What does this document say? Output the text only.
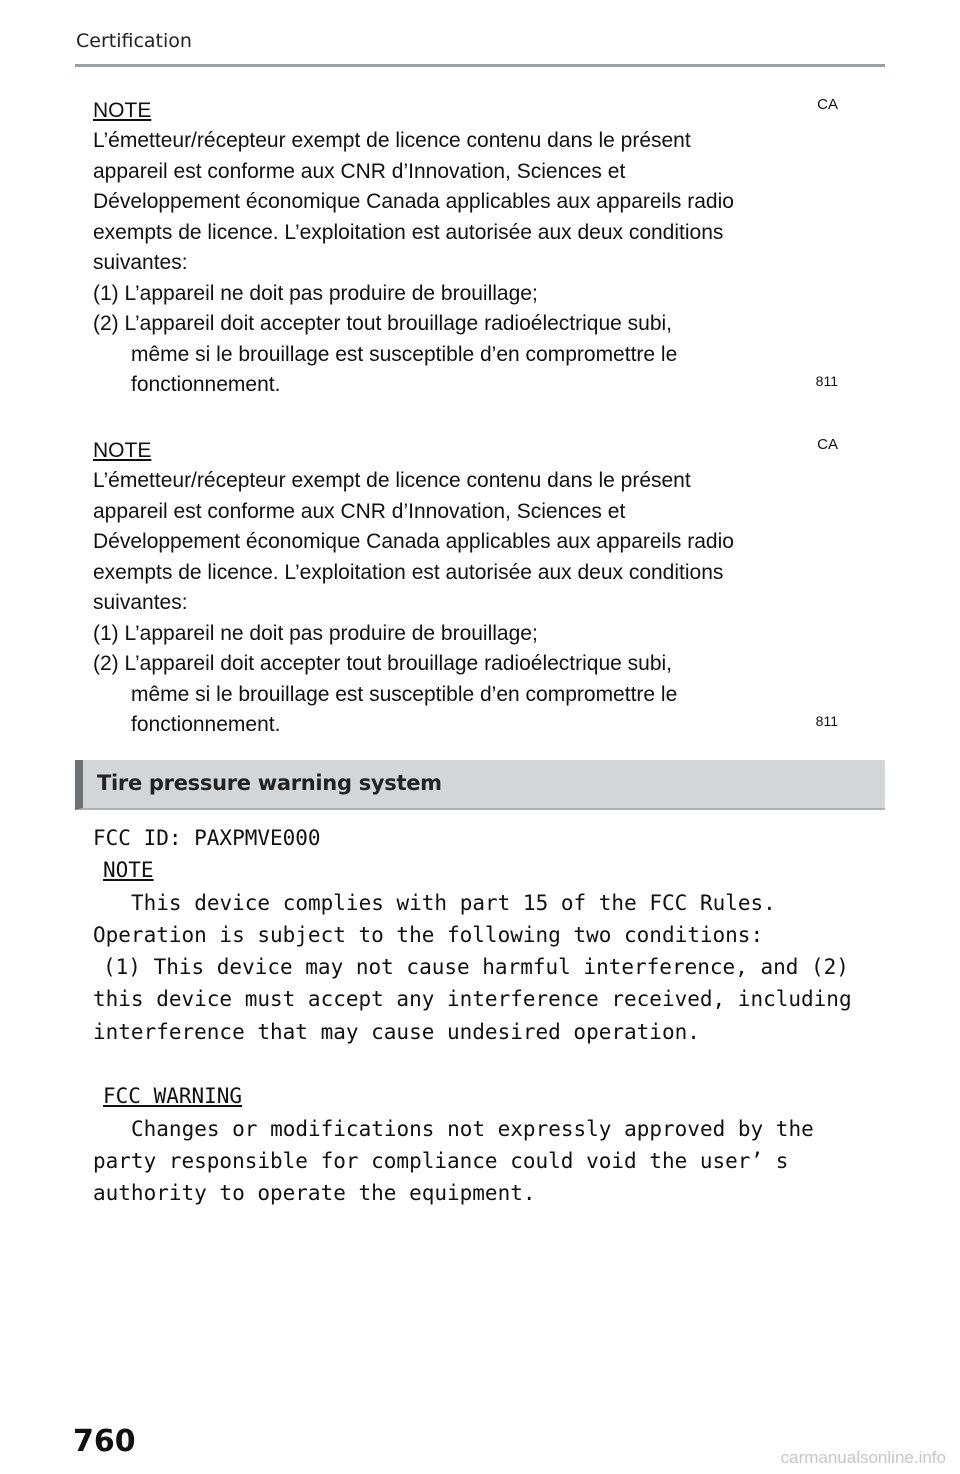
Certification
CA
NOTE

L’émetteur/récepteur exempt de licence contenu dans le présent

appareil est conforme aux CNR d’Innovation, Sciences et

Développement économique Canada applicables aux appareils radio

exempts de licence. L’exploitation est autorisée aux deux conditions

suivantes:

(1) L’appareil ne doit pas produire de brouillage;

(2) L’appareil doit accepter tout brouillage radioélectrique subi,

même si le brouillage est susceptible d’en compromettre le

fonctionnement.	811
CA
NOTE

L’émetteur/récepteur exempt de licence contenu dans le présent

appareil est conforme aux CNR d’Innovation, Sciences et

Développement économique Canada applicables aux appareils radio

exempts de licence. L’exploitation est autorisée aux deux conditions

suivantes:

(1) L’appareil ne doit pas produire de brouillage;

(2) L’appareil doit accepter tout brouillage radioélectrique subi,

même si le brouillage est susceptible d’en compromettre le

fonctionnement.	811
Tire pressure warning system
FCC ID: PAXPMVE000
NOTE
This device complies with part 15 of the FCC Rules.
Operation is subject to the following two conditions:
(1) This device may not cause harmful interference, and (2)
this device must accept any interference received, including
interference that may cause undesired operation.
FCC WARNING
Changes or modifications not expressly approved by the
party responsible for compliance could void the user’ s
authority to operate the equipment.
760	carmanualsonline.info
